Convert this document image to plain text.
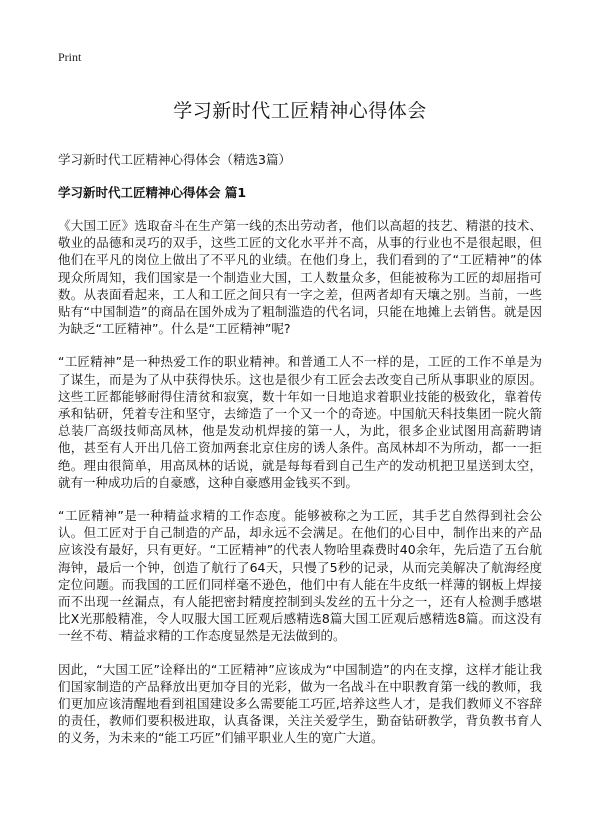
Print
学习新时代工匠精神心得体会

学习新时代工匠精神心得体会（精选3篇）

学习新时代工匠精神心得体会 篇1

《大国工匠》选取奋斗在生产第一线的杰出劳动者，他们以高超的技艺、精湛的技术、敬业的品德和灵巧的双手，这些工匠的文化水平并不高，从事的行业也不是很起眼，但他们在平凡的岗位上做出了不平凡的业绩。在他们身上，我们看到的了“工匠精神”的体现众所周知，我们国家是一个制造业大国，工人数量众多，但能被称为工匠的却屈指可数。从表面看起来，工人和工匠之间只有一字之差，但两者却有天壤之别。当前，一些贴有“中国制造”的商品在国外成为了粗制滥造的代名词，只能在地摊上去销售。就是因为缺乏“工匠精神”。什么是“工匠精神”呢?

“工匠精神”是一种热爱工作的职业精神。和普通工人不一样的是，工匠的工作不单是为了谋生，而是为了从中获得快乐。这也是很少有工匠会去改变自己所从事职业的原因。这些工匠都能够耐得住清贫和寂寞，数十年如一日地追求着职业技能的极致化，靠着传承和钻研，凭着专注和坚守，去缔造了一个又一个的奇迹。中国航天科技集团一院火箭总装厂高级技师高凤林，他是发动机焊接的第一人，为此，很多企业试图用高薪聘请他，甚至有人开出几倍工资加两套北京住房的诱人条件。高凤林却不为所动，都一一拒绝。理由很简单，用高凤林的话说，就是每每看到自己生产的发动机把卫星送到太空，就有一种成功后的自豪感，这种自豪感用金钱买不到。

“工匠精神”是一种精益求精的工作态度。能够被称之为工匠，其手艺自然得到社会公认。但工匠对于自己制造的产品，却永远不会满足。在他们的心目中，制作出来的产品应该没有最好，只有更好。“工匠精神”的代表人物哈里森费时40余年，先后造了五台航海钟，最后一个钟，创造了航行了64天，只慢了5秒的记录，从而完美解决了航海经度定位问题。而我国的工匠们同样毫不逊色，他们中有人能在牛皮纸一样薄的钢板上焊接而不出现一丝漏点，有人能把密封精度控制到头发丝的五十分之一，还有人检测手感堪比X光那般精准，令人叹服大国工匠观后感精选8篇大国工匠观后感精选8篇。而这没有一丝不苟、精益求精的工作态度显然是无法做到的。

因此，“大国工匠”诠释出的“工匠精神”应该成为“中国制造”的内在支撑，这样才能让我们国家制造的产品释放出更加夺目的光彩，做为一名战斗在中职教育第一线的教师，我们更加应该清醒地看到祖国建设多么需要能工巧匠,培养这些人才，是我们教师义不容辞的责任，教师们要积极进取，认真备课，关注关爱学生，勤奋钻研教学，背负教书育人的义务，为未来的“能工巧匠”们铺平职业人生的宽广大道。
